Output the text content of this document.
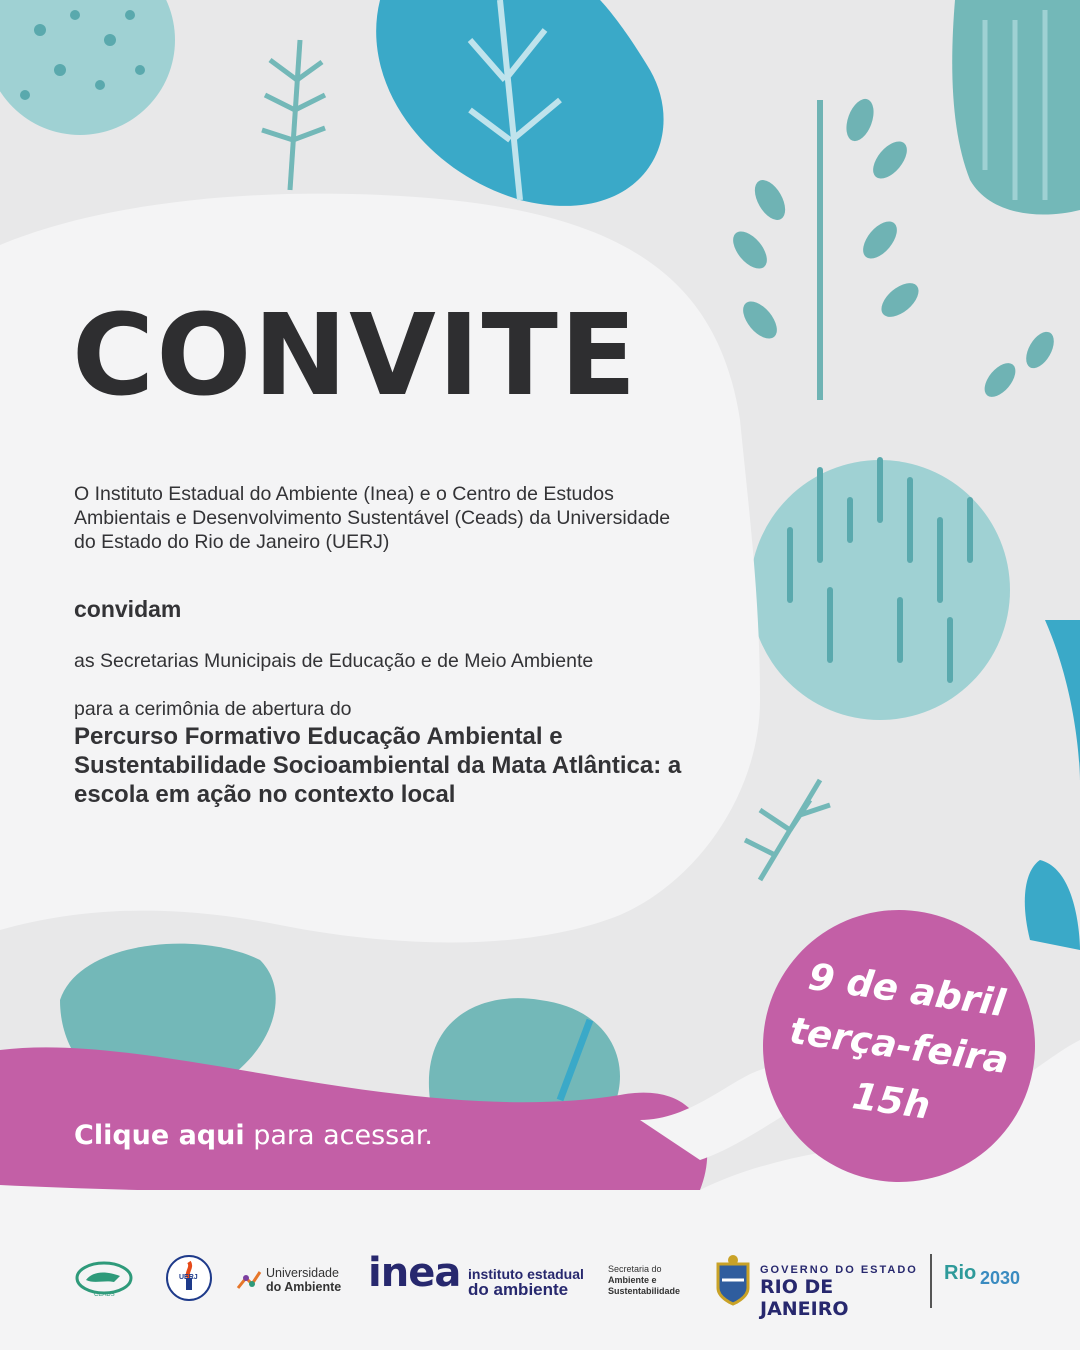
CONVITE
O Instituto Estadual do Ambiente (Inea) e o Centro de Estudos Ambientais e Desenvolvimento Sustentável (Ceads) da Universidade do Estado do Rio de Janeiro (UERJ)
convidam
as Secretarias Municipais de Educação e de Meio Ambiente
para a cerimônia de abertura do
Percurso Formativo Educação Ambiental e Sustentabilidade Socioambiental da Mata Atlântica: a escola em ação no contexto local
9 de abril
terça-feira
15h
Clique aqui para acessar.
CEADS
UERJ	Universidade
do Ambiente inea instituto estadual
do ambiente
Secretaria do
Ambiente e
Sustentabilidade
GOVERNO DO ESTADO
RIO DE JANEIRO
Rio 2030
